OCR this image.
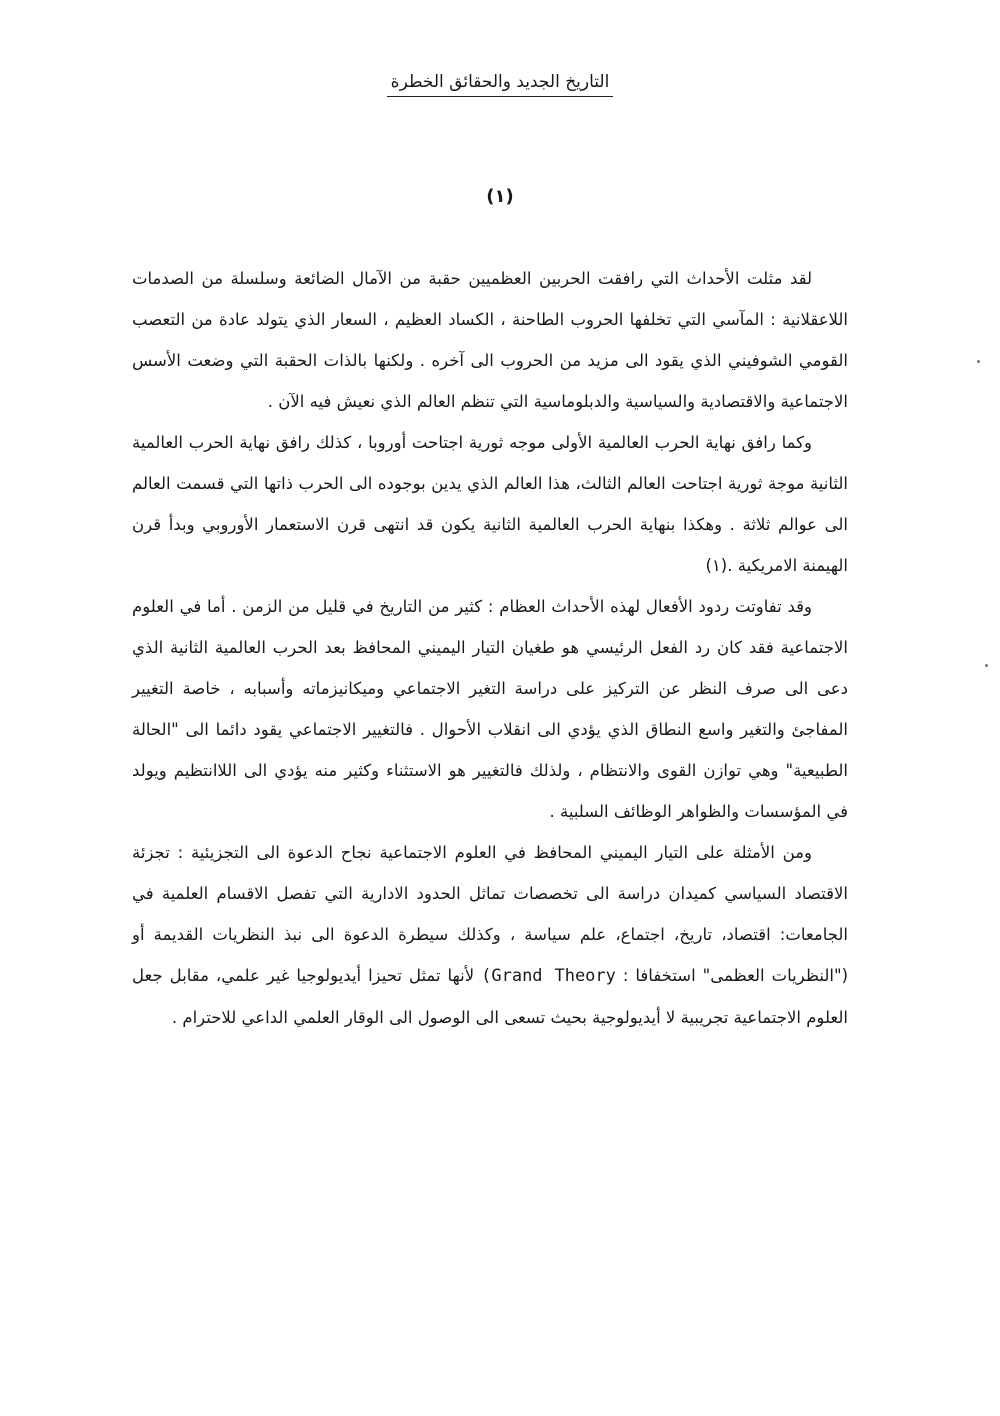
التاريخ الجديد والحقائق الخطرة
(١)

لقد مثلت الأحداث التي رافقت الحربين العظميين حقبة من الآمال الضائعة وسلسلة من الصدمات اللاعقلانية : المآسي التي تخلفها الحروب الطاحنة ، الكساد العظيم ، السعار الذي يتولد عادة من التعصب القومي الشوفيني الذي يقود الى مزيد من الحروب الى آخره . ولكنها بالذات الحقبة التي وضعت الأسس الاجتماعية والاقتصادية والسياسية والدبلوماسية التي تنظم العالم الذي نعيش فيه الآن .

وكما رافق نهاية الحرب العالمية الأولى موجه ثورية اجتاحت أوروبا ، كذلك رافق نهاية الحرب العالمية الثانية موجة ثورية اجتاحت العالم الثالث، هذا العالم الذي يدين بوجوده الى الحرب ذاتها التي قسمت العالم الى عوالم ثلاثة . وهكذا بنهاية الحرب العالمية الثانية يكون قد انتهى قرن الاستعمار الأوروبي وبدأ قرن الهيمنة الامريكية .(١)

وقد تفاوتت ردود الأفعال لهذه الأحداث العظام : كثير من التاريخ في قليل من الزمن . أما في العلوم الاجتماعية فقد كان رد الفعل الرئيسي هو طغيان التيار اليميني المحافظ بعد الحرب العالمية الثانية الذي دعى الى صرف النظر عن التركيز على دراسة التغير الاجتماعي وميكانيزماته وأسبابه ، خاصة التغيير المفاجئ والتغير واسع النطاق الذي يؤدي الى انقلاب الأحوال . فالتغيير الاجتماعي يقود دائما الى "الحالة الطبيعية" وهي توازن القوى والانتظام ، ولذلك فالتغيير هو الاستثناء وكثير منه يؤدي الى اللاانتظيم ويولد في المؤسسات والظواهر الوظائف السلبية .

ومن الأمثلة على التيار اليميني المحافظ في العلوم الاجتماعية نجاح الدعوة الى التجزيئية : تجزئة الاقتصاد السياسي كميدان دراسة الى تخصصات تماثل الحدود الادارية التي تفصل الاقسام العلمية في الجامعات: اقتصاد، تاريخ، اجتماع، علم سياسة ، وكذلك سيطرة الدعوة الى نبذ النظريات القديمة أو ("النظريات العظمى" استخفافا : (Grand Theory لأنها تمثل تحيزا أيديولوجيا غير علمي، مقابل جعل العلوم الاجتماعية تجريبية لا أيديولوجية بحيث تسعى الى الوصول الى الوقار العلمي الداعي للاحترام .
